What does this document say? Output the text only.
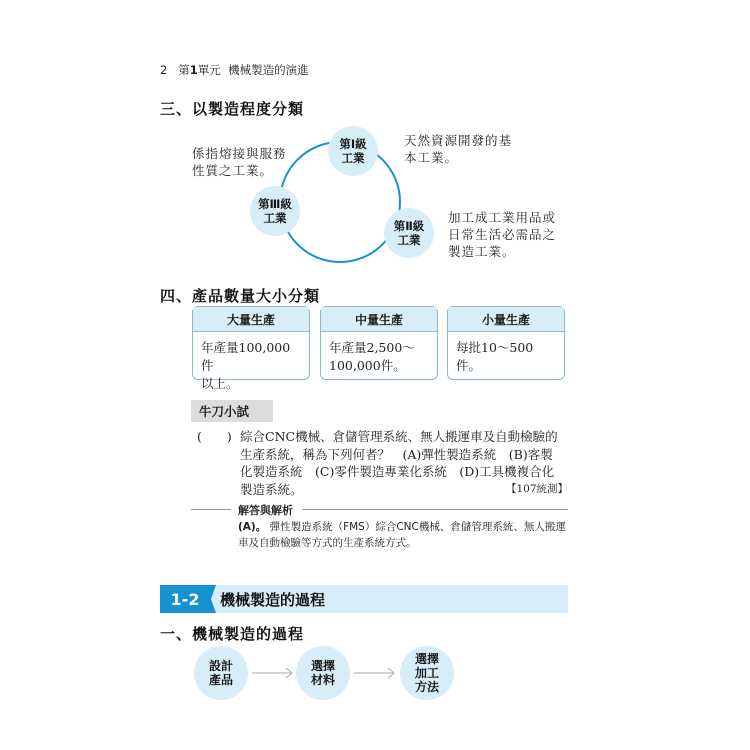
2 第1單元 機械製造的演進
三、以製造程度分類
第Ⅰ級
工業
第Ⅱ級
工業
第Ⅲ級
工業
係指熔接與服務
性質之工業。
天然資源開發的基
本工業。
加工成工業用品或
日常生活必需品之
製造工業。
四、產品數量大小分類
大量生產
年產量100,000件
以上。
中量生產
年產量2,500～
100,000件。
小量生產
每批10～500件。
牛刀小試
(　　) 綜合CNC機械、倉儲管理系統、無人搬運車及自動檢驗的
生產系統，稱為下列何者？　(A)彈性製造系統　(B)客製
化製造系統　(C)零件製造專業化系統　(D)工具機複合化
製造系統。	【107統測】
解答與解析
(A)。 彈性製造系統（FMS）綜合CNC機械、倉儲管理系統、無人搬運
車及自動檢驗等方式的生產系統方式。
1-2	機械製造的過程
一、機械製造的過程
設計
產品
選擇
材料
選擇
加工
方法
